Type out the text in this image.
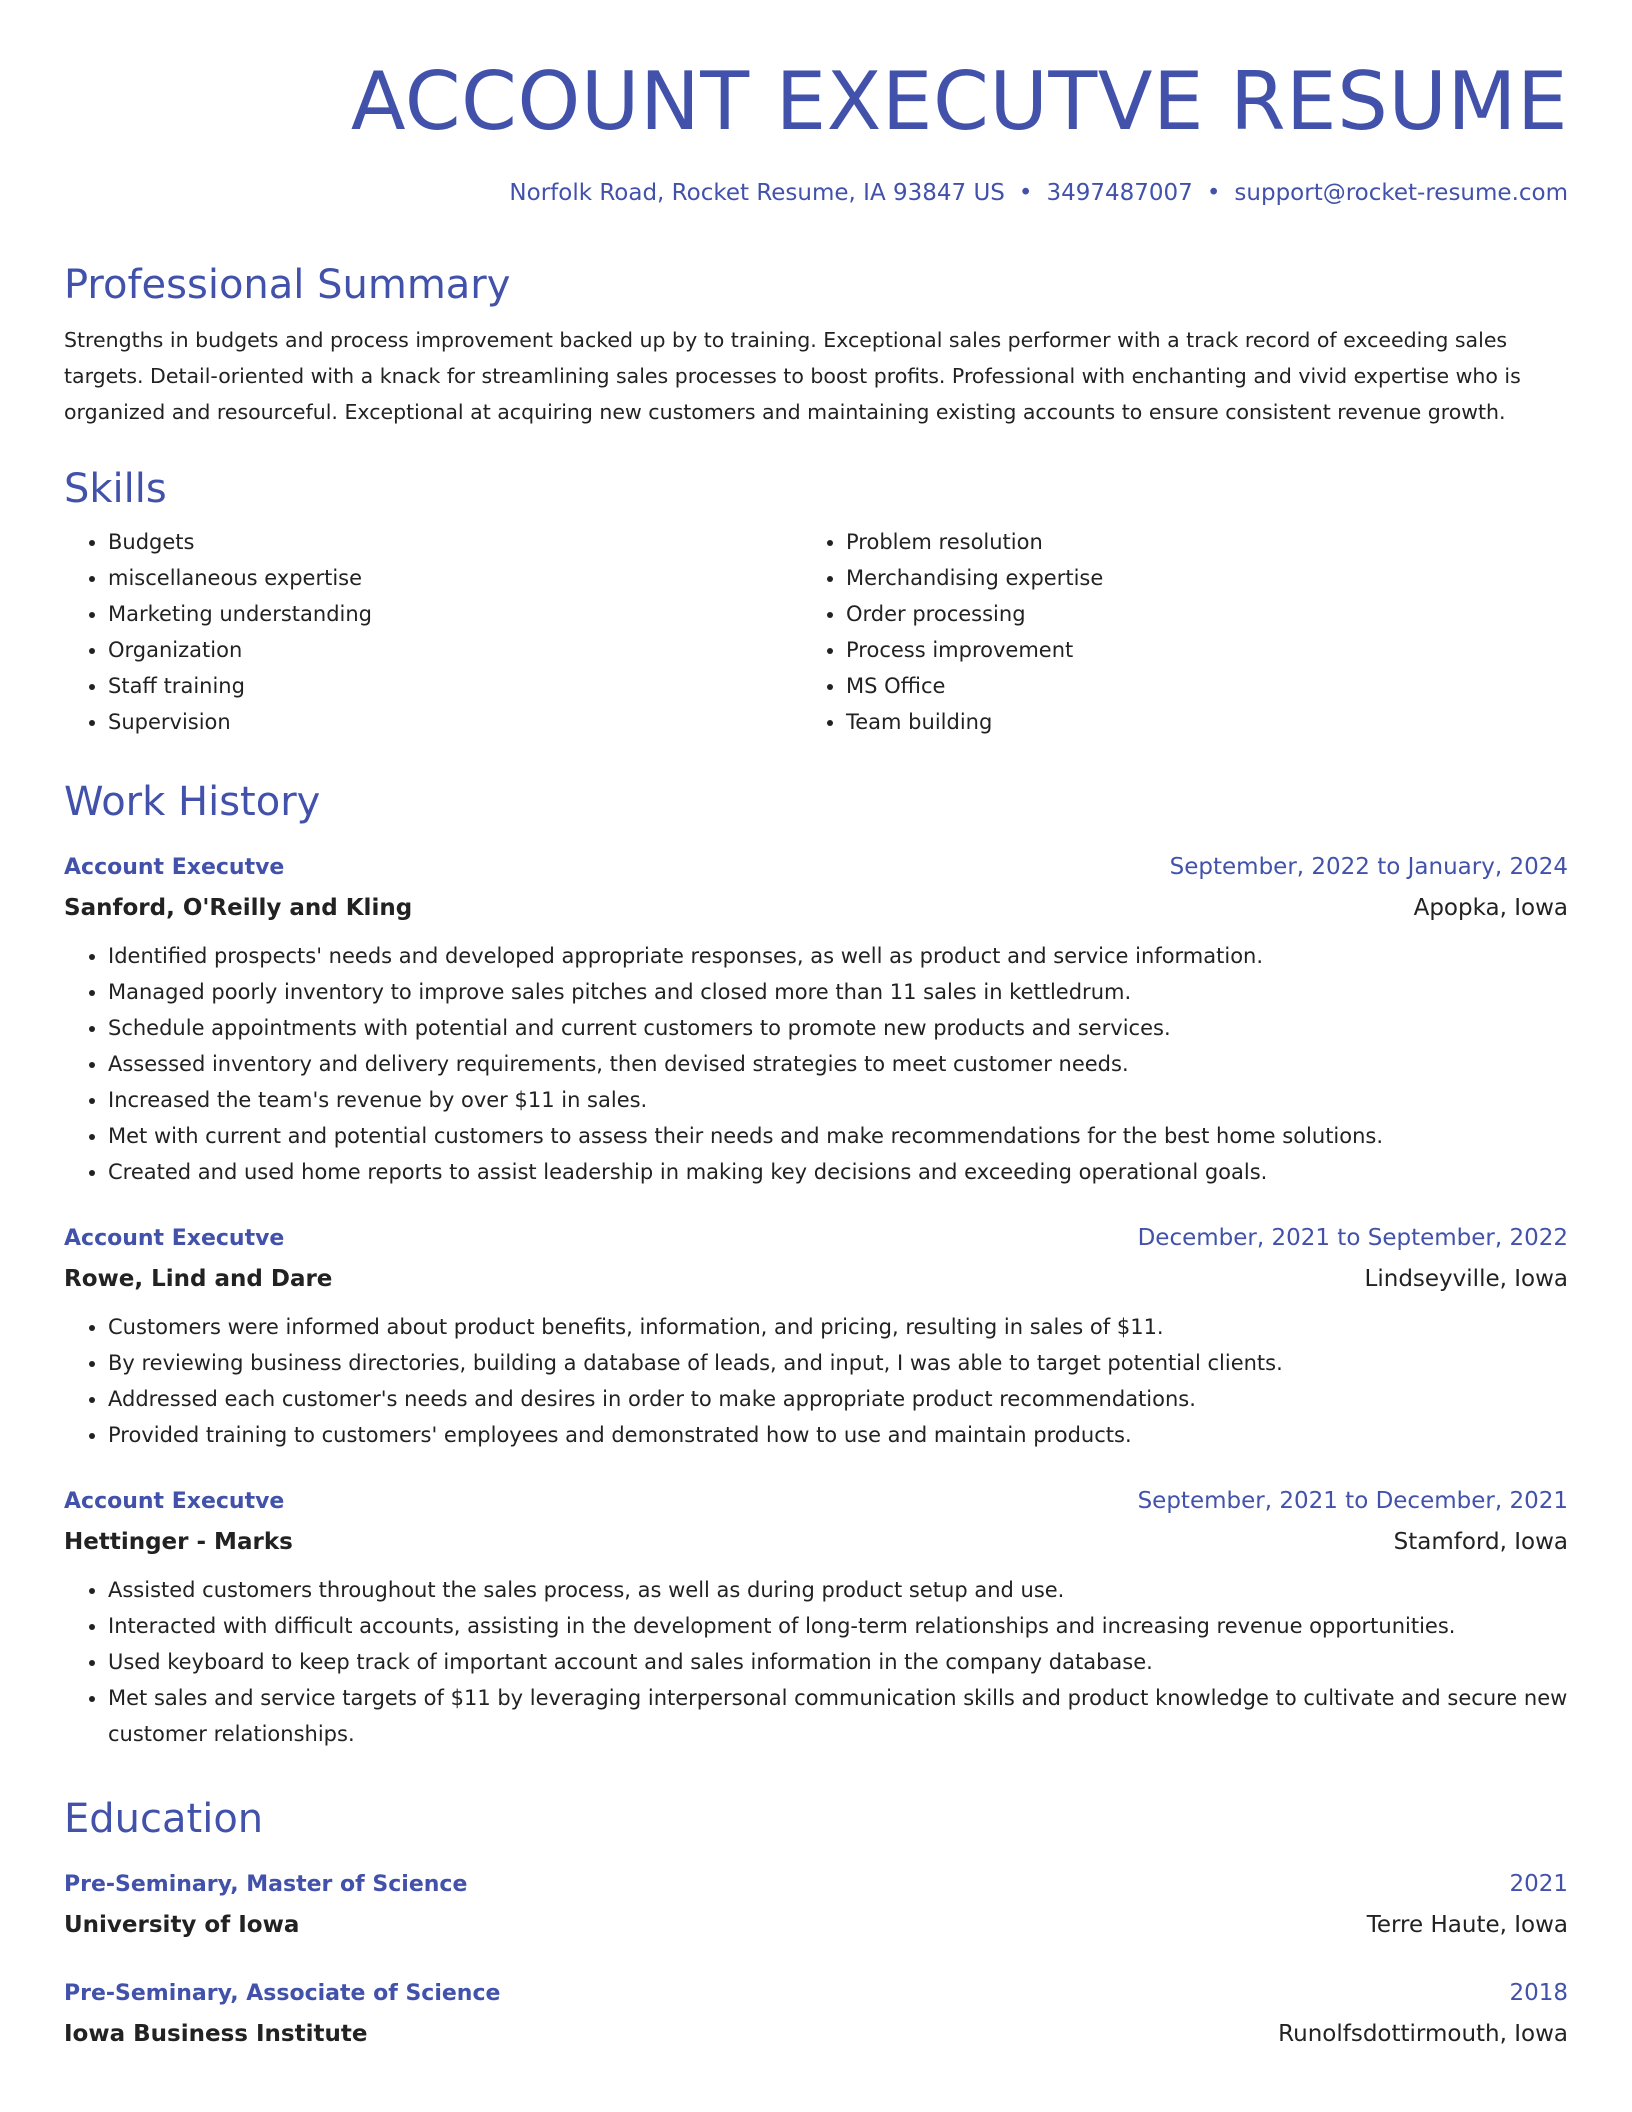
ACCOUNT EXECUTVE RESUME
Norfolk Road, Rocket Resume, IA 93847 US • 3497487007 • support@rocket-resume.com
Professional Summary
Strengths in budgets and process improvement backed up by to training. Exceptional sales performer with a track record of exceeding sales targets. Detail-oriented with a knack for streamlining sales processes to boost profits. Professional with enchanting and vivid expertise who is organized and resourceful. Exceptional at acquiring new customers and maintaining existing accounts to ensure consistent revenue growth.
Skills
• Budgets
• miscellaneous expertise
• Marketing understanding
• Organization
• Staff training
• Supervision
• Problem resolution
• Merchandising expertise
• Order processing
• Process improvement
• MS Office
• Team building
Work History
Account Executve	September, 2022 to January, 2024
Sanford, O'Reilly and Kling	Apopka, Iowa
• Identified prospects' needs and developed appropriate responses, as well as product and service information.
• Managed poorly inventory to improve sales pitches and closed more than 11 sales in kettledrum.
• Schedule appointments with potential and current customers to promote new products and services.
• Assessed inventory and delivery requirements, then devised strategies to meet customer needs.
• Increased the team's revenue by over $11 in sales.
• Met with current and potential customers to assess their needs and make recommendations for the best home solutions.
• Created and used home reports to assist leadership in making key decisions and exceeding operational goals.
Account Executve	December, 2021 to September, 2022
Rowe, Lind and Dare	Lindseyville, Iowa
• Customers were informed about product benefits, information, and pricing, resulting in sales of $11.
• By reviewing business directories, building a database of leads, and input, I was able to target potential clients.
• Addressed each customer's needs and desires in order to make appropriate product recommendations.
• Provided training to customers' employees and demonstrated how to use and maintain products.
Account Executve	September, 2021 to December, 2021
Hettinger - Marks	Stamford, Iowa
• Assisted customers throughout the sales process, as well as during product setup and use.
• Interacted with difficult accounts, assisting in the development of long-term relationships and increasing revenue opportunities.
• Used keyboard to keep track of important account and sales information in the company database.
• Met sales and service targets of $11 by leveraging interpersonal communication skills and product knowledge to cultivate and secure new customer relationships.
Education
Pre-Seminary, Master of Science	2021
University of Iowa	Terre Haute, Iowa
Pre-Seminary, Associate of Science	2018
Iowa Business Institute	Runolfsdottirmouth, Iowa
